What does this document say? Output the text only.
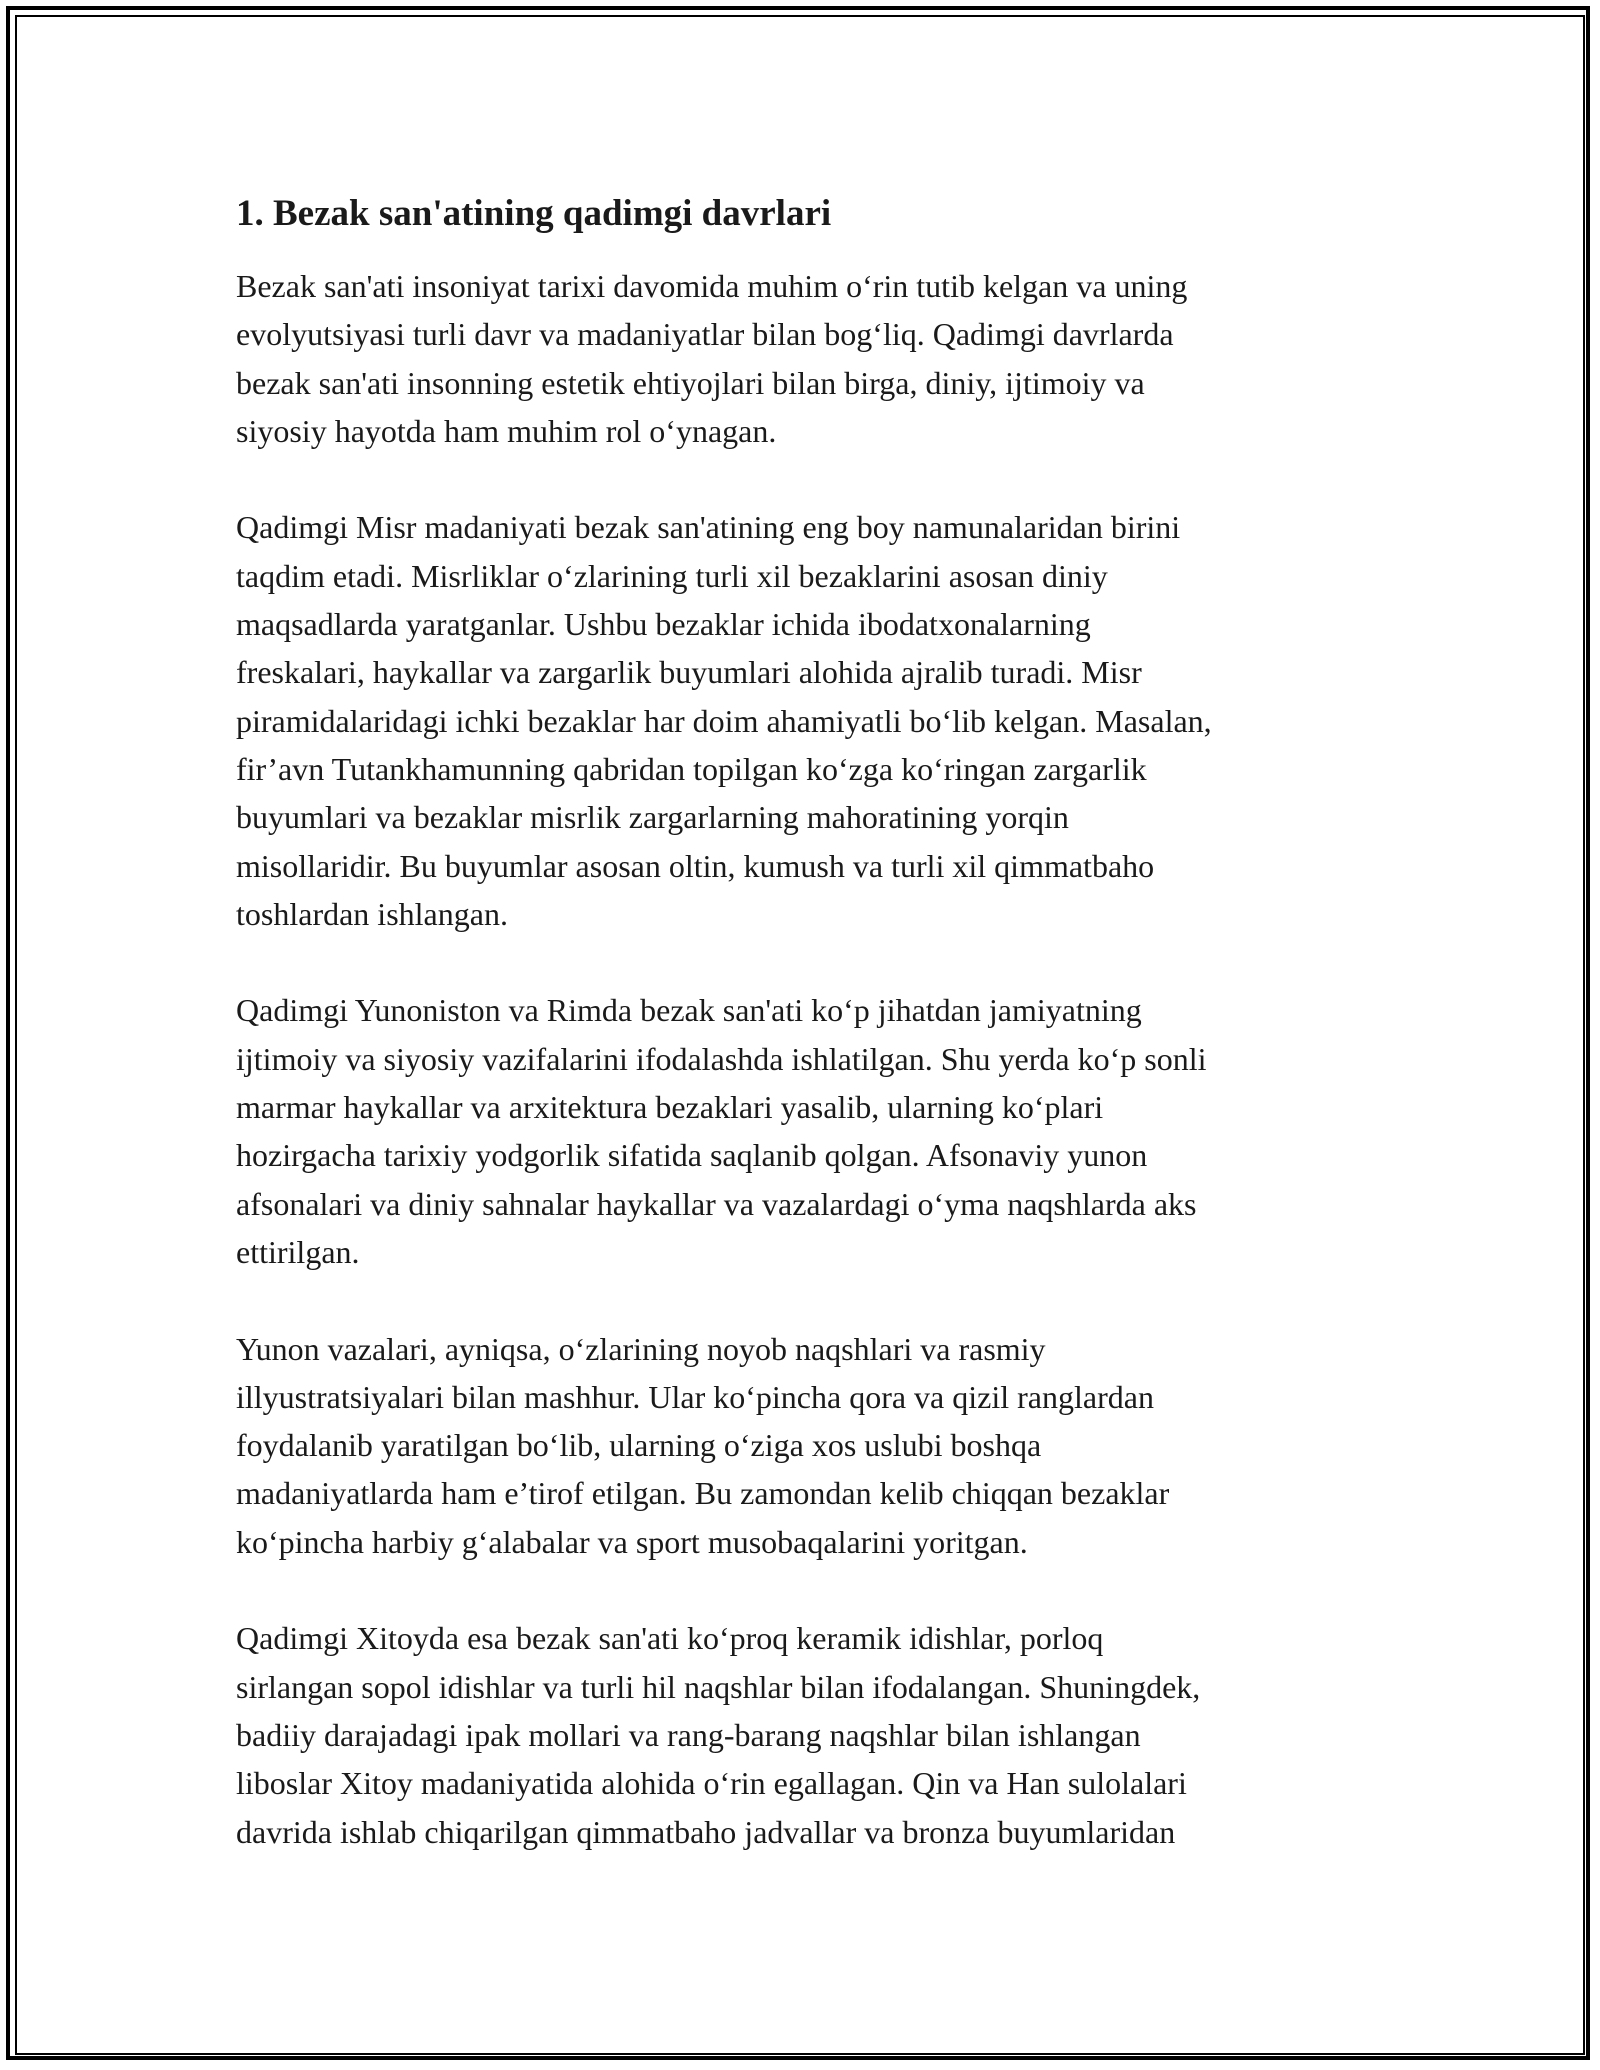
1. Bezak san'atining qadimgi davrlari

Bezak san'ati insoniyat tarixi davomida muhim o‘rin tutib kelgan va uning
evolyutsiyasi turli davr va madaniyatlar bilan bog‘liq. Qadimgi davrlarda
bezak san'ati insonning estetik ehtiyojlari bilan birga, diniy, ijtimoiy va
siyosiy hayotda ham muhim rol o‘ynagan.

Qadimgi Misr madaniyati bezak san'atining eng boy namunalaridan birini
taqdim etadi. Misrliklar o‘zlarining turli xil bezaklarini asosan diniy
maqsadlarda yaratganlar. Ushbu bezaklar ichida ibodatxonalarning
freskalari, haykallar va zargarlik buyumlari alohida ajralib turadi. Misr
piramidalaridagi ichki bezaklar har doim ahamiyatli bo‘lib kelgan. Masalan,
fir’avn Tutankhamunning qabridan topilgan ko‘zga ko‘ringan zargarlik
buyumlari va bezaklar misrlik zargarlarning mahoratining yorqin
misollaridir. Bu buyumlar asosan oltin, kumush va turli xil qimmatbaho
toshlardan ishlangan.

Qadimgi Yunoniston va Rimda bezak san'ati ko‘p jihatdan jamiyatning
ijtimoiy va siyosiy vazifalarini ifodalashda ishlatilgan. Shu yerda ko‘p sonli
marmar haykallar va arxitektura bezaklari yasalib, ularning ko‘plari
hozirgacha tarixiy yodgorlik sifatida saqlanib qolgan. Afsonaviy yunon
afsonalari va diniy sahnalar haykallar va vazalardagi o‘yma naqshlarda aks
ettirilgan.

Yunon vazalari, ayniqsa, o‘zlarining noyob naqshlari va rasmiy
illyustratsiyalari bilan mashhur. Ular ko‘pincha qora va qizil ranglardan
foydalanib yaratilgan bo‘lib, ularning o‘ziga xos uslubi boshqa
madaniyatlarda ham e’tirof etilgan. Bu zamondan kelib chiqqan bezaklar
ko‘pincha harbiy g‘alabalar va sport musobaqalarini yoritgan.

Qadimgi Xitoyda esa bezak san'ati ko‘proq keramik idishlar, porloq
sirlangan sopol idishlar va turli hil naqshlar bilan ifodalangan. Shuningdek,
badiiy darajadagi ipak mollari va rang-barang naqshlar bilan ishlangan
liboslar Xitoy madaniyatida alohida o‘rin egallagan. Qin va Han sulolalari
davrida ishlab chiqarilgan qimmatbaho jadvallar va bronza buyumlaridan
